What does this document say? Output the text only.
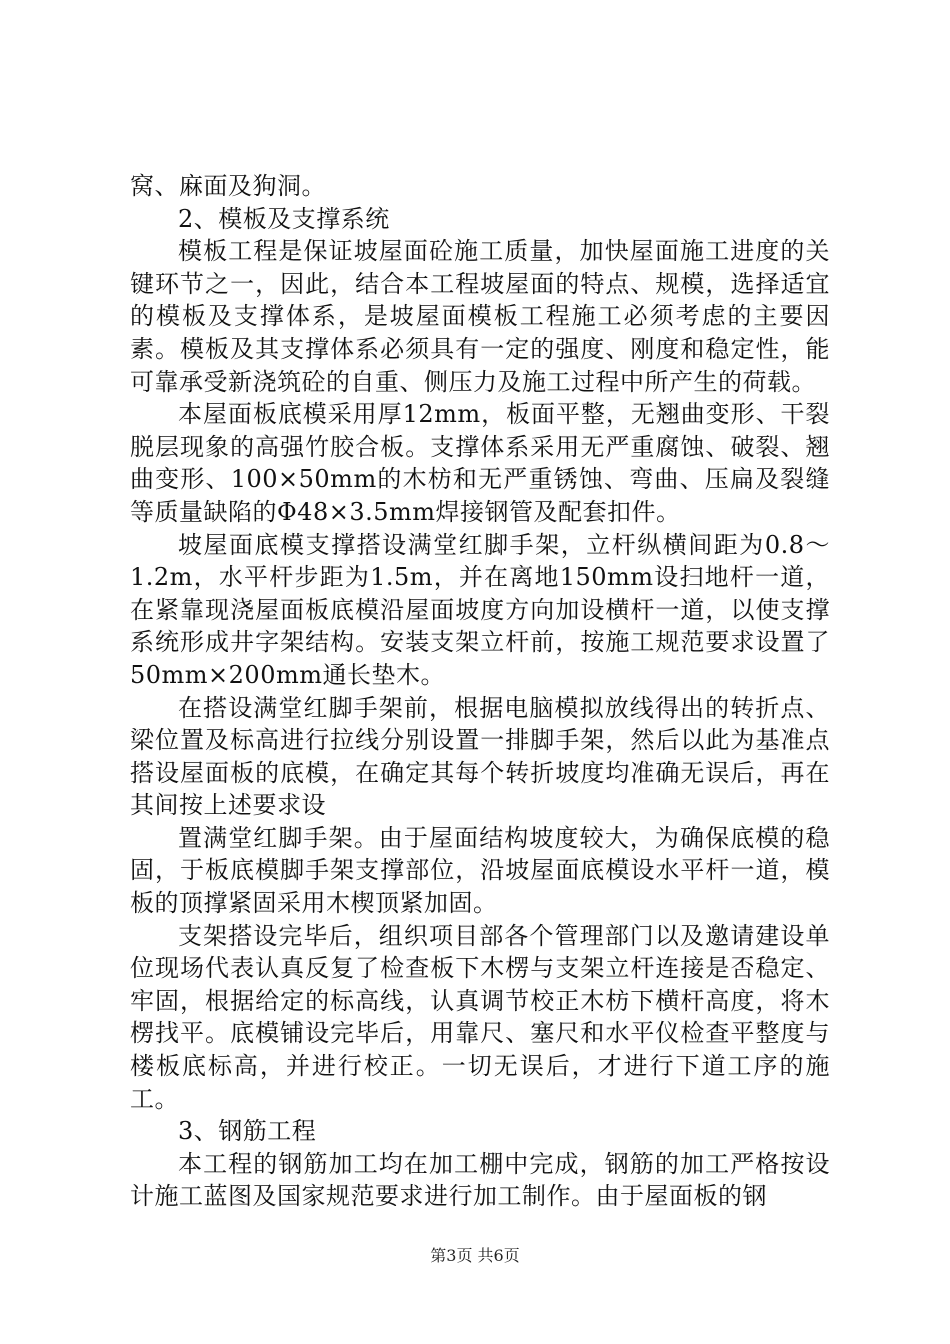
窝、麻面及狗洞。

2、模板及支撑系统

模板工程是保证坡屋面砼施工质量，加快屋面施工进度的关键环节之一，因此，结合本工程坡屋面的特点、规模，选择适宜的模板及支撑体系，是坡屋面模板工程施工必须考虑的主要因素。模板及其支撑体系必须具有一定的强度、刚度和稳定性，能可靠承受新浇筑砼的自重、侧压力及施工过程中所产生的荷载。

本屋面板底模采用厚12mm，板面平整，无翘曲变形、干裂脱层现象的高强竹胶合板。支撑体系采用无严重腐蚀、破裂、翘曲变形、100×50mm的木枋和无严重锈蚀、弯曲、压扁及裂缝等质量缺陷的Φ48×3.5mm焊接钢管及配套扣件。

坡屋面底模支撑搭设满堂红脚手架，立杆纵横间距为0.8～1.2m，水平杆步距为1.5m，并在离地150mm设扫地杆一道，在紧靠现浇屋面板底模沿屋面坡度方向加设横杆一道，以使支撑系统形成井字架结构。安装支架立杆前，按施工规范要求设置了50mm×200mm通长垫木。

在搭设满堂红脚手架前，根据电脑模拟放线得出的转折点、梁位置及标高进行拉线分别设置一排脚手架，然后以此为基准点搭设屋面板的底模，在确定其每个转折坡度均准确无误后，再在其间按上述要求设

置满堂红脚手架。由于屋面结构坡度较大，为确保底模的稳固，于板底模脚手架支撑部位，沿坡屋面底模设水平杆一道，模板的顶撑紧固采用木楔顶紧加固。

支架搭设完毕后，组织项目部各个管理部门以及邀请建设单位现场代表认真反复了检查板下木楞与支架立杆连接是否稳定、牢固，根据给定的标高线，认真调节校正木枋下横杆高度，将木楞找平。底模铺设完毕后，用靠尺、塞尺和水平仪检查平整度与楼板底标高，并进行校正。一切无误后，才进行下道工序的施工。

3、钢筋工程

本工程的钢筋加工均在加工棚中完成，钢筋的加工严格按设计施工蓝图及国家规范要求进行加工制作。由于屋面板的钢

第3页 共6页
